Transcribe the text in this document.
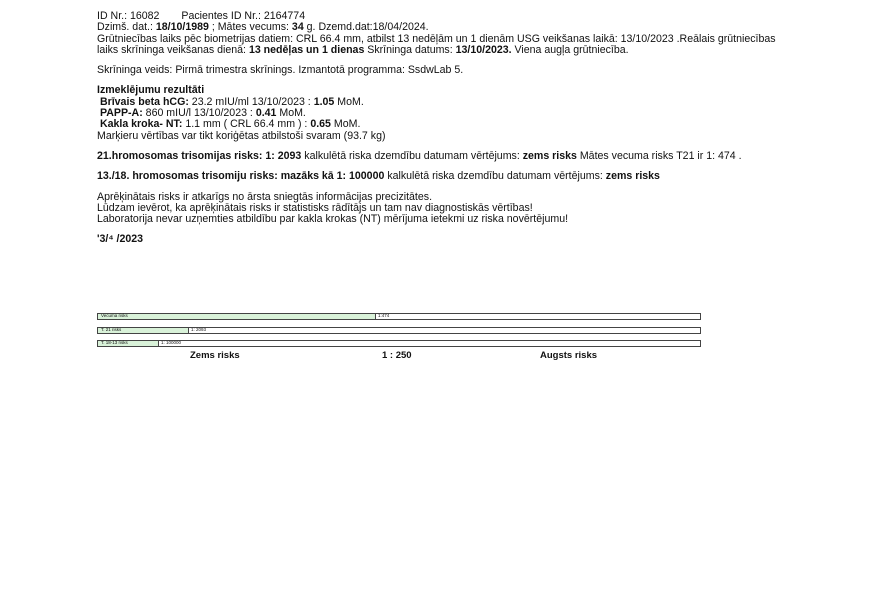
ID Nr.: 16082 Pacientes ID Nr.: 2164774

Dzimš. dat.: 18/10/1989 ; Mātes vecums: 34 g. Dzemd.dat:18/04/2024.

Grūtniecības laiks pēc biometrijas datiem: CRL 66.4 mm, atbilst 13 nedēļām un 1 dienām USG veikšanas laikā: 13/10/2023 .Reālais grūtniecības laiks skrīninga veikšanas dienā: 13 nedēļas un 1 dienas Skrīninga datums: 13/10/2023. Viena augļa grūtniecība.

Skrīninga veids: Pirmā trimestra skrīnings. Izmantotā programma: SsdwLab 5.

Izmeklējumu rezultāti

Brīvais beta hCG: 23.2 mIU/ml 13/10/2023 : 1.05 MoM.

PAPP-A: 860 mIU/l 13/10/2023 : 0.41 MoM.

Kakla kroka- NT: 1.1 mm ( CRL 66.4 mm ) : 0.65 MoM.

Marķieru vērtības var tikt koriģētas atbilstoši svaram (93.7 kg)

21.hromosomas trisomijas risks: 1: 2093 kalkulētā riska dzemdību datumam vērtējums: zems risks Mātes vecuma risks T21 ir 1: 474 .

13./18. hromosomas trisomiju risks: mazāks kā 1: 100000 kalkulētā riska dzemdību datumam vērtējums: zems risks

Aprēķinātais risks ir atkarīgs no ārsta sniegtās informācijas precizitātes.

Lūdzam ievērot, ka aprēķinātais risks ir statistisks rādītājs un tam nav diagnostiskās vērtības!

Laboratorija nevar uzņemties atbildību par kakla krokas (NT) mērījuma ietekmi uz riska novērtējumu!

'3/⁴ /2023

Vecuma risks	1:474
T. 21 risks	1: 2093
T. 18-13 risks	1: 100000
Zems risks	1 : 250	Augsts risks
